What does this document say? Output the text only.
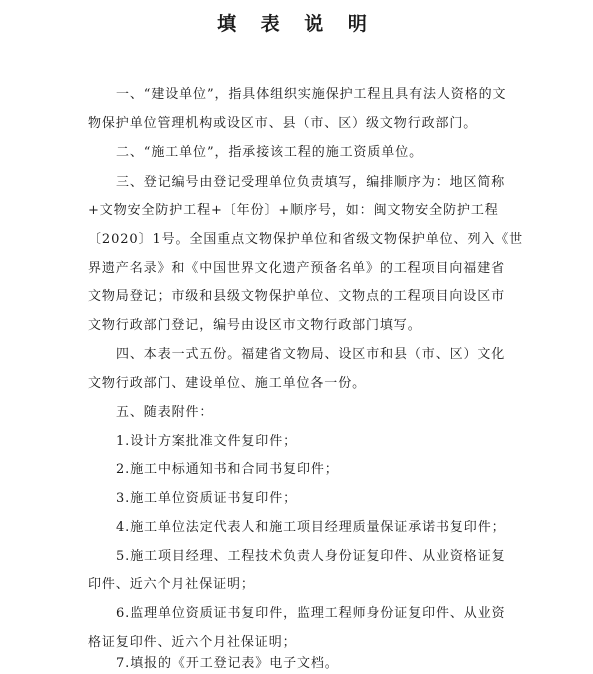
填 表 说 明
一、“建设单位”，指具体组织实施保护工程且具有法人资格的文
物保护单位管理机构或设区市、县（市、区）级文物行政部门。
二、“施工单位”，指承接该工程的施工资质单位。
三、登记编号由登记受理单位负责填写，编排顺序为：地区简称
+文物安全防护工程+〔年份〕+顺序号，如：闽文物安全防护工程
〔2020〕1号。全国重点文物保护单位和省级文物保护单位、列入《世
界遗产名录》和《中国世界文化遗产预备名单》的工程项目向福建省
文物局登记；市级和县级文物保护单位、文物点的工程项目向设区市
文物行政部门登记，编号由设区市文物行政部门填写。
四、本表一式五份。福建省文物局、设区市和县（市、区）文化
文物行政部门、建设单位、施工单位各一份。
五、随表附件：
1.设计方案批准文件复印件；
2.施工中标通知书和合同书复印件；
3.施工单位资质证书复印件；
4.施工单位法定代表人和施工项目经理质量保证承诺书复印件；
5.施工项目经理、工程技术负责人身份证复印件、从业资格证复
印件、近六个月社保证明；
6.监理单位资质证书复印件，监理工程师身份证复印件、从业资
格证复印件、近六个月社保证明；
7.填报的《开工登记表》电子文档。
